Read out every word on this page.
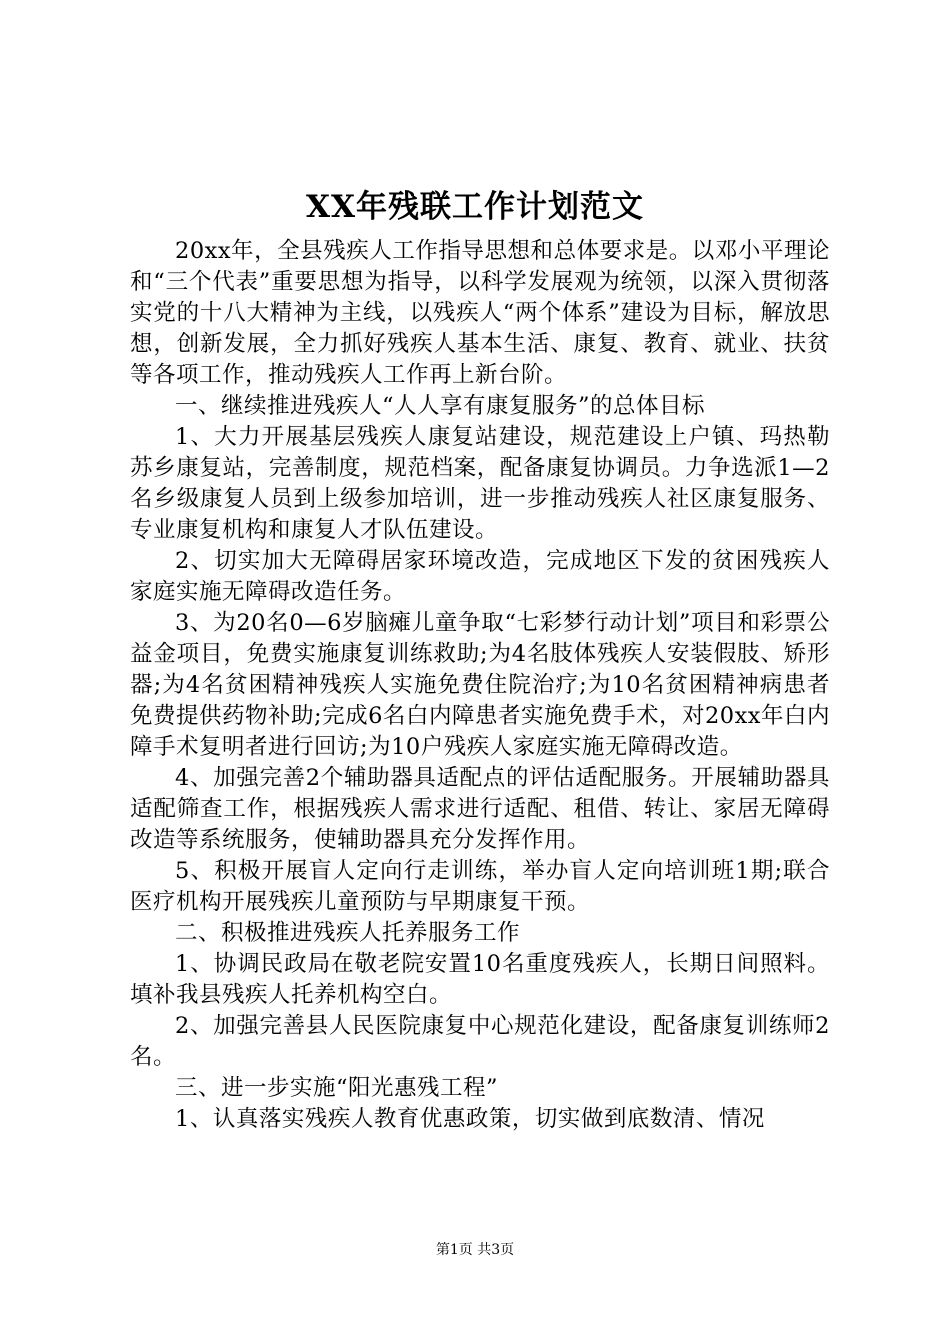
XX年残联工作计划范文

20xx年，全县残疾人工作指导思想和总体要求是。以邓小平理论和“三个代表”重要思想为指导，以科学发展观为统领，以深入贯彻落实党的十八大精神为主线，以残疾人“两个体系”建设为目标，解放思想，创新发展，全力抓好残疾人基本生活、康复、教育、就业、扶贫等各项工作，推动残疾人工作再上新台阶。

一、继续推进残疾人“人人享有康复服务”的总体目标

1、大力开展基层残疾人康复站建设，规范建设上户镇、玛热勒苏乡康复站，完善制度，规范档案，配备康复协调员。力争选派1—2名乡级康复人员到上级参加培训，进一步推动残疾人社区康复服务、专业康复机构和康复人才队伍建设。

2、切实加大无障碍居家环境改造，完成地区下发的贫困残疾人家庭实施无障碍改造任务。

3、为20名0—6岁脑瘫儿童争取“七彩梦行动计划”项目和彩票公益金项目，免费实施康复训练救助;为4名肢体残疾人安装假肢、矫形器;为4名贫困精神残疾人实施免费住院治疗;为10名贫困精神病患者免费提供药物补助;完成6名白内障患者实施免费手术，对20xx年白内障手术复明者进行回访;为10户残疾人家庭实施无障碍改造。

4、加强完善2个辅助器具适配点的评估适配服务。开展辅助器具适配筛查工作，根据残疾人需求进行适配、租借、转让、家居无障碍改造等系统服务，使辅助器具充分发挥作用。

5、积极开展盲人定向行走训练，举办盲人定向培训班1期;联合医疗机构开展残疾儿童预防与早期康复干预。

二、积极推进残疾人托养服务工作

1、协调民政局在敬老院安置10名重度残疾人，长期日间照料。填补我县残疾人托养机构空白。

2、加强完善县人民医院康复中心规范化建设，配备康复训练师2名。

三、进一步实施“阳光惠残工程”

1、认真落实残疾人教育优惠政策，切实做到底数清、情况

第1页 共3页
